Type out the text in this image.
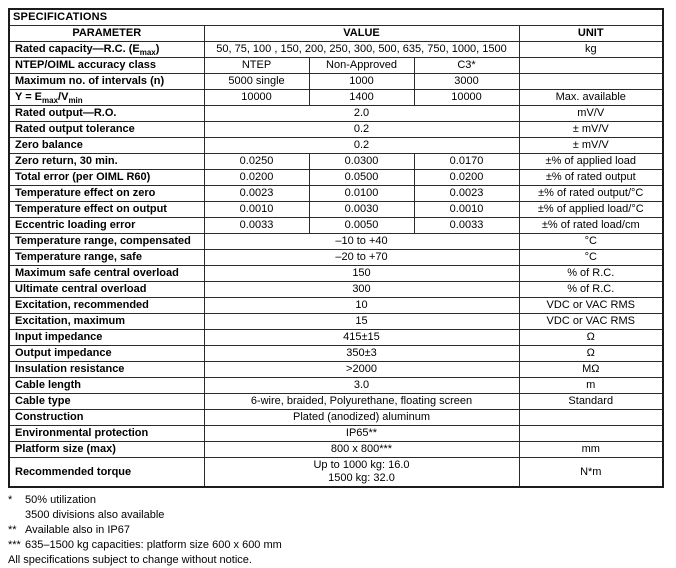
SPECIFICATIONS				
PARAMETER	VALUE			UNIT
Rated capacity—R.C. $(E_{max})$	50, 75, 100 , 150, 200, 250, 300, 500, 635, 750, 1000, 1500			kg
NTEP/OIML accuracy class	NTEP	Non-Approved	C3*	
Maximum no. of intervals (n)	5000 single	1000	3000	
$Y = E_{max}/V_{min}$	10000	1400	10000	Max. available
Rated output—R.O.	2.0			mV/V
Rated output tolerance	0.2			± mV/V
Zero balance	0.2			± mV/V
Zero return, 30 min.	0.0250	0.0300	0.0170	±% of applied load
Total error (per OIML R60)	0.0200	0.0500	0.0200	±% of rated output
Temperature effect on zero	0.0023	0.0100	0.0023	±% of rated output/°C
Temperature effect on output	0.0010	0.0030	0.0010	±% of applied load/°C
Eccentric loading error	0.0033	0.0050	0.0033	±% of rated load/cm
Temperature range, compensated	–10 to +40			°C
Temperature range, safe	–20 to +70			°C
Maximum safe central overload	150			% of R.C.
Ultimate central overload	300			% of R.C.
Excitation, recommended	10			VDC or VAC RMS
Excitation, maximum	15			VDC or VAC RMS
Input impedance	415±15			Ω
Output impedance	350±3			Ω
Insulation resistance	>2000			MΩ
Cable length	3.0			m
Cable type	6-wire, braided, Polyurethane, floating screen			Standard
Construction	Plated (anodized) aluminum			
Environmental protection	IP65**			
Platform size (max)	800 x 800***			mm
Recommended torque	Up to 1000 kg: 16.0
1500 kg: 32.0			N*m
*	50% utilization
3500 divisions also available
** Available also in IP67
*** 635–1500 kg capacities: platform size 600 x 600 mm
All specifications subject to change without notice.
